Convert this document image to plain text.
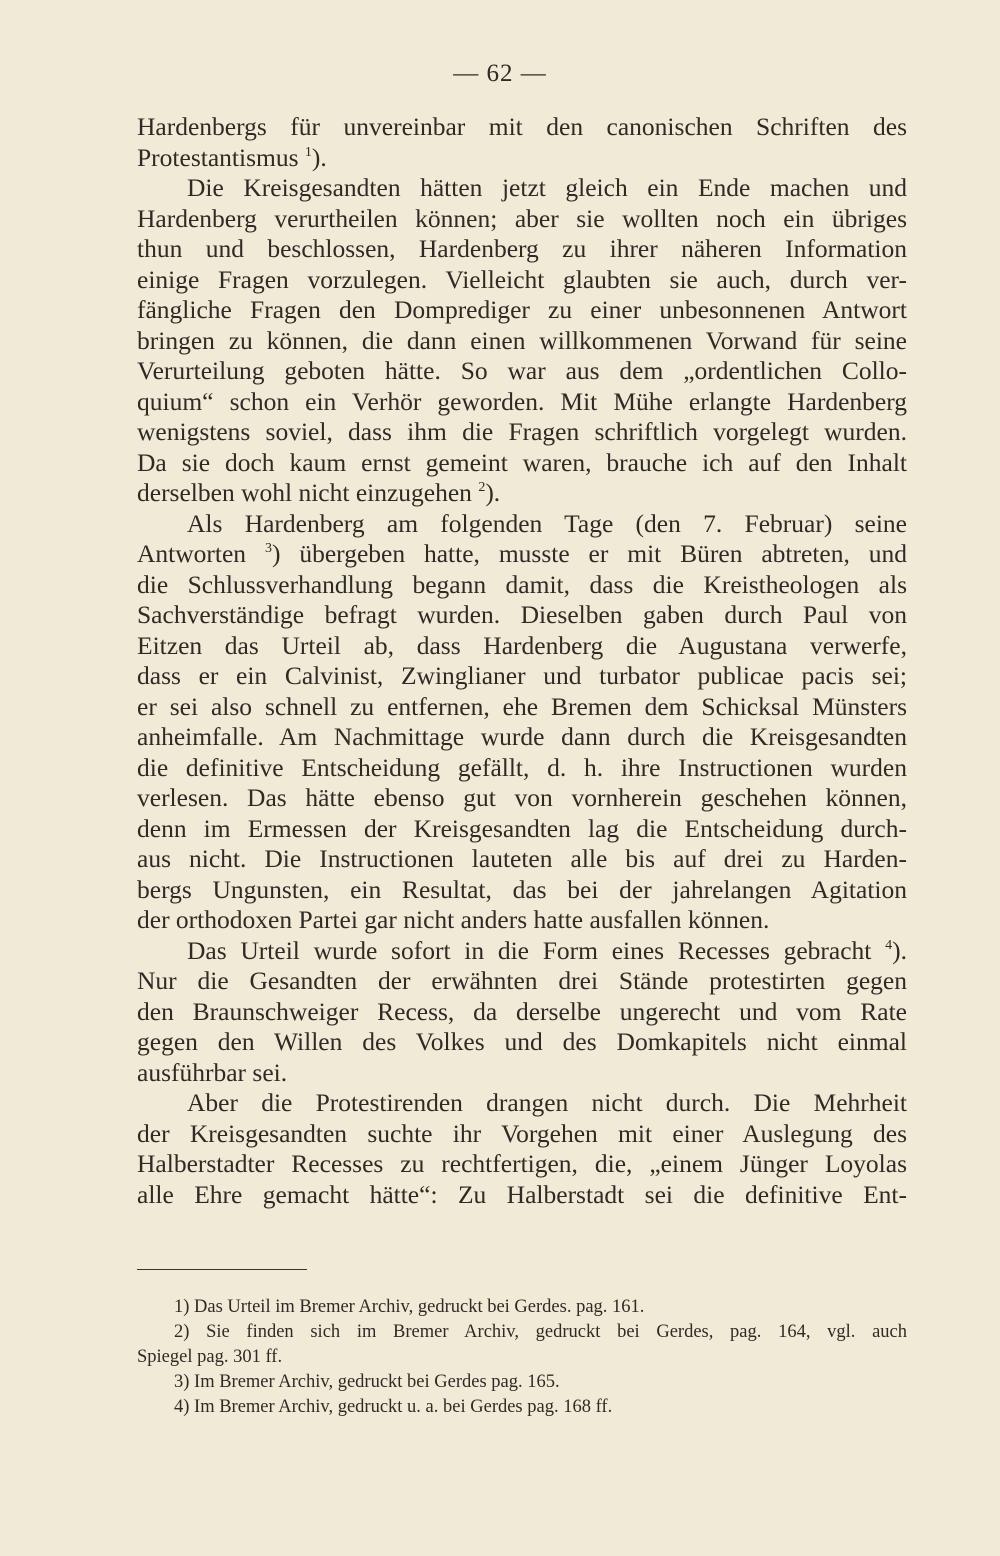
— 62 —
Hardenbergs für unvereinbar mit den canonischen Schriften des
Protestantismus $^1$).
Die Kreisgesandten hätten jetzt gleich ein Ende machen und
Hardenberg verurtheilen können; aber sie wollten noch ein übriges
thun und beschlossen, Hardenberg zu ihrer näheren Information
einige Fragen vorzulegen. Vielleicht glaubten sie auch, durch ver-
fängliche Fragen den Domprediger zu einer unbesonnenen Antwort
bringen zu können, die dann einen willkommenen Vorwand für seine
Verurteilung geboten hätte. So war aus dem „ordentlichen Collo-
quium“ schon ein Verhör geworden. Mit Mühe erlangte Hardenberg
wenigstens soviel, dass ihm die Fragen schriftlich vorgelegt wurden.
Da sie doch kaum ernst gemeint waren, brauche ich auf den Inhalt
derselben wohl nicht einzugehen $^2$).
Als Hardenberg am folgenden Tage (den 7. Februar) seine
Antworten $^3$) übergeben hatte, musste er mit Büren abtreten, und
die Schlussverhandlung begann damit, dass die Kreistheologen als
Sachverständige befragt wurden. Dieselben gaben durch Paul von
Eitzen das Urteil ab, dass Hardenberg die Augustana verwerfe,
dass er ein Calvinist, Zwinglianer und turbator publicae pacis sei;
er sei also schnell zu entfernen, ehe Bremen dem Schicksal Münsters
anheimfalle. Am Nachmittage wurde dann durch die Kreisgesandten
die definitive Entscheidung gefällt, d. h. ihre Instructionen wurden
verlesen. Das hätte ebenso gut von vornherein geschehen können,
denn im Ermessen der Kreisgesandten lag die Entscheidung durch-
aus nicht. Die Instructionen lauteten alle bis auf drei zu Harden-
bergs Ungunsten, ein Resultat, das bei der jahrelangen Agitation
der orthodoxen Partei gar nicht anders hatte ausfallen können.
Das Urteil wurde sofort in die Form eines Recesses gebracht $^4$).
Nur die Gesandten der erwähnten drei Stände protestirten gegen
den Braunschweiger Recess, da derselbe ungerecht und vom Rate
gegen den Willen des Volkes und des Domkapitels nicht einmal
ausführbar sei.
Aber die Protestirenden drangen nicht durch. Die Mehrheit
der Kreisgesandten suchte ihr Vorgehen mit einer Auslegung des
Halberstadter Recesses zu rechtfertigen, die, „einem Jünger Loyolas
alle Ehre gemacht hätte“: Zu Halberstadt sei die definitive Ent-
1) Das Urteil im Bremer Archiv, gedruckt bei Gerdes. pag. 161.
2) Sie finden sich im Bremer Archiv, gedruckt bei Gerdes, pag. 164, vgl. auch
Spiegel pag. 301 ff.
3) Im Bremer Archiv, gedruckt bei Gerdes pag. 165.
4) Im Bremer Archiv, gedruckt u. a. bei Gerdes pag. 168 ff.
